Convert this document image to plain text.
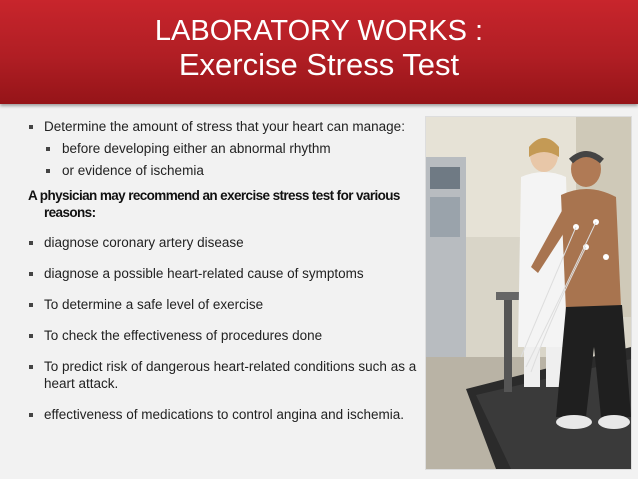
LABORATORY WORKS :
Exercise Stress Test

Determine the amount of stress that your heart can manage:

before developing either an abnormal rhythm

or evidence of ischemia

A physician may recommend an exercise stress test for various reasons:

diagnose coronary artery disease

diagnose a possible heart-related cause of symptoms

To determine a safe level of exercise

To check the effectiveness of procedures done

To predict risk of dangerous heart-related conditions such as a heart attack.

effectiveness of medications to control angina and ischemia.
